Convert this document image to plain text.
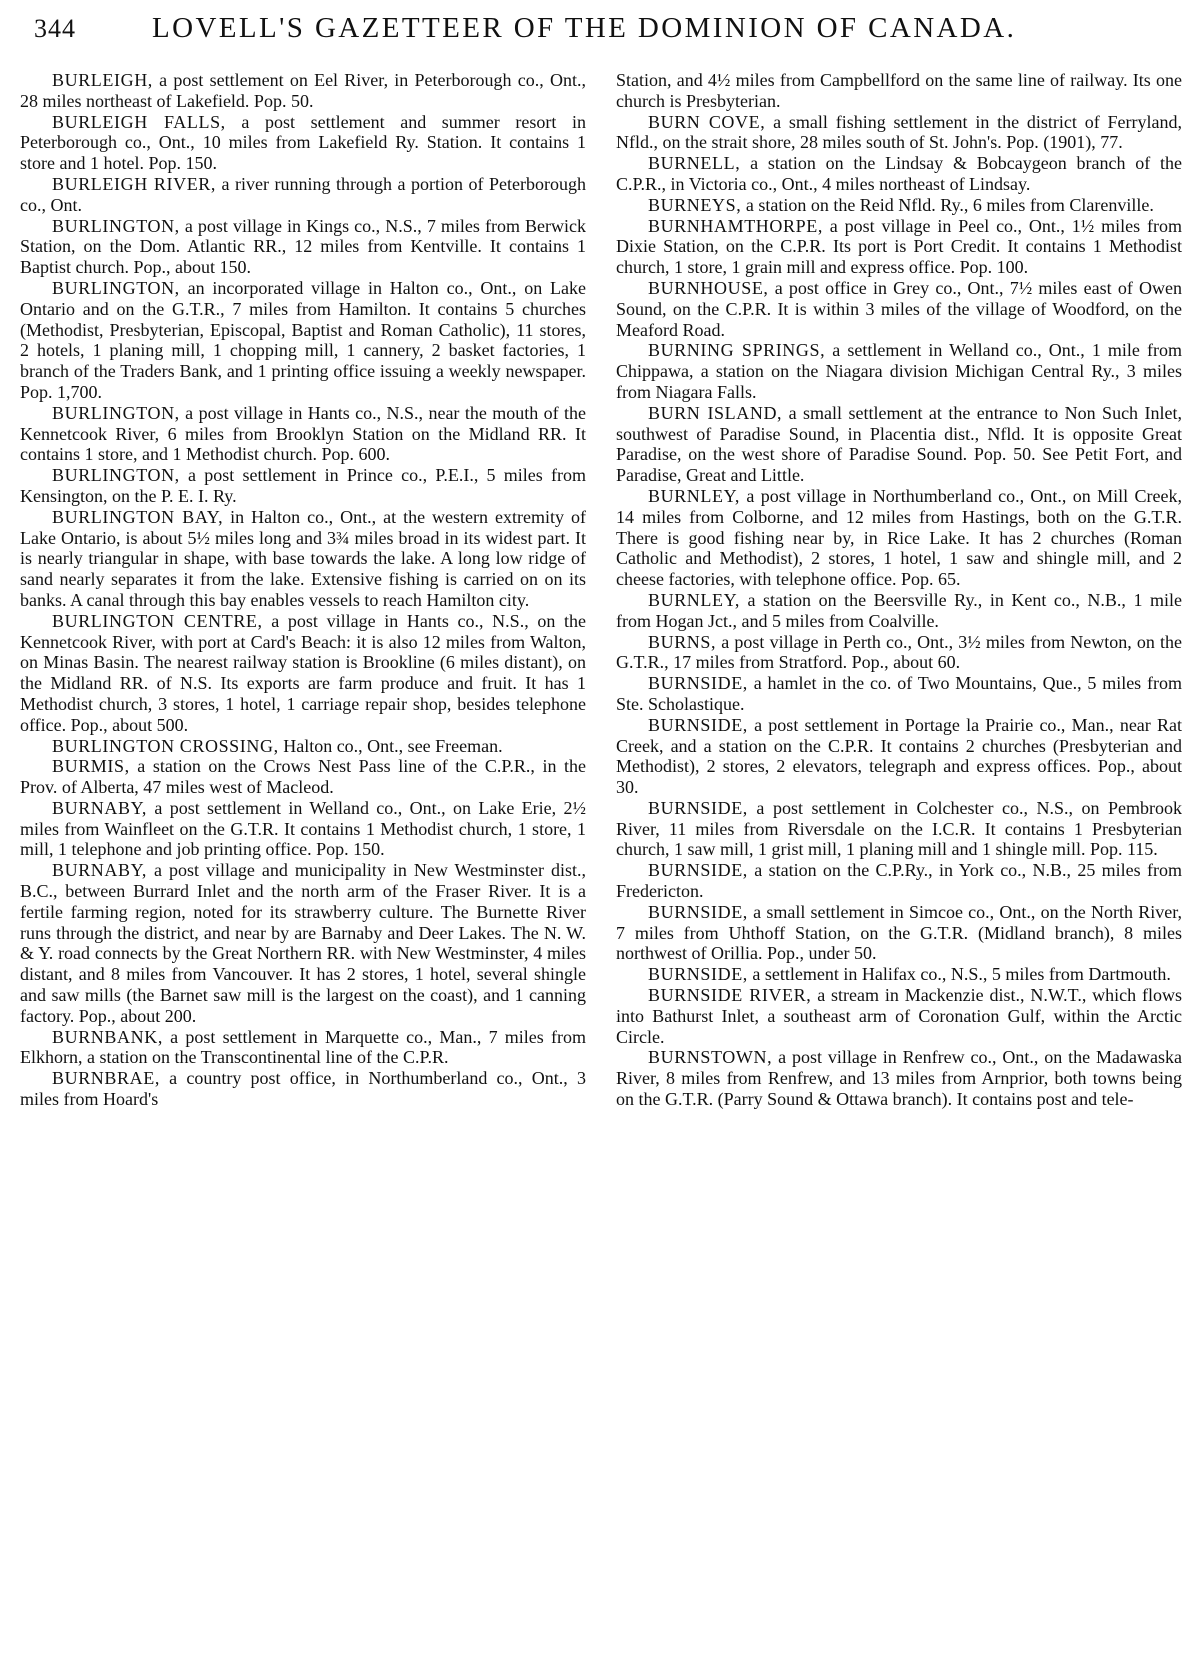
344	LOVELL'S GAZETTEER OF THE DOMINION OF CANADA.

BURLEIGH, a post settlement on Eel River, in Peterborough co., Ont., 28 miles northeast of Lakefield. Pop. 50.

BURLEIGH FALLS, a post settlement and summer resort in Peterborough co., Ont., 10 miles from Lakefield Ry. Station. It contains 1 store and 1 hotel. Pop. 150.

BURLEIGH RIVER, a river running through a portion of Peterborough co., Ont.

BURLINGTON, a post village in Kings co., N.S., 7 miles from Berwick Station, on the Dom. Atlantic RR., 12 miles from Kentville. It contains 1 Baptist church. Pop., about 150.

BURLINGTON, an incorporated village in Halton co., Ont., on Lake Ontario and on the G.T.R., 7 miles from Hamilton. It contains 5 churches (Methodist, Presbyterian, Episcopal, Baptist and Roman Catholic), 11 stores, 2 hotels, 1 planing mill, 1 chopping mill, 1 cannery, 2 basket factories, 1 branch of the Traders Bank, and 1 printing office issuing a weekly newspaper. Pop. 1,700.

BURLINGTON, a post village in Hants co., N.S., near the mouth of the Kennetcook River, 6 miles from Brooklyn Station on the Midland RR. It contains 1 store, and 1 Methodist church. Pop. 600.

BURLINGTON, a post settlement in Prince co., P.E.I., 5 miles from Kensington, on the P. E. I. Ry.

BURLINGTON BAY, in Halton co., Ont., at the western extremity of Lake Ontario, is about 5½ miles long and 3¾ miles broad in its widest part. It is nearly triangular in shape, with base towards the lake. A long low ridge of sand nearly separates it from the lake. Extensive fishing is carried on on its banks. A canal through this bay enables vessels to reach Hamilton city.

BURLINGTON CENTRE, a post village in Hants co., N.S., on the Kennetcook River, with port at Card's Beach: it is also 12 miles from Walton, on Minas Basin. The nearest railway station is Brookline (6 miles distant), on the Midland RR. of N.S. Its exports are farm produce and fruit. It has 1 Methodist church, 3 stores, 1 hotel, 1 carriage repair shop, besides telephone office. Pop., about 500.

BURLINGTON CROSSING, Halton co., Ont., see Freeman.

BURMIS, a station on the Crows Nest Pass line of the C.P.R., in the Prov. of Alberta, 47 miles west of Macleod.

BURNABY, a post settlement in Welland co., Ont., on Lake Erie, 2½ miles from Wainfleet on the G.T.R. It contains 1 Methodist church, 1 store, 1 mill, 1 telephone and job printing office. Pop. 150.

BURNABY, a post village and municipality in New Westminster dist., B.C., between Burrard Inlet and the north arm of the Fraser River. It is a fertile farming region, noted for its strawberry culture. The Burnette River runs through the district, and near by are Barnaby and Deer Lakes. The N. W. & Y. road connects by the Great Northern RR. with New Westminster, 4 miles distant, and 8 miles from Vancouver. It has 2 stores, 1 hotel, several shingle and saw mills (the Barnet saw mill is the largest on the coast), and 1 canning factory. Pop., about 200.

BURNBANK, a post settlement in Marquette co., Man., 7 miles from Elkhorn, a station on the Transcontinental line of the C.P.R.

BURNBRAE, a country post office, in Northumberland co., Ont., 3 miles from Hoard's

Station, and 4½ miles from Campbellford on the same line of railway. Its one church is Presbyterian.

BURN COVE, a small fishing settlement in the district of Ferryland, Nfld., on the strait shore, 28 miles south of St. John's. Pop. (1901), 77.

BURNELL, a station on the Lindsay & Bobcaygeon branch of the C.P.R., in Victoria co., Ont., 4 miles northeast of Lindsay.

BURNEYS, a station on the Reid Nfld. Ry., 6 miles from Clarenville.

BURNHAMTHORPE, a post village in Peel co., Ont., 1½ miles from Dixie Station, on the C.P.R. Its port is Port Credit. It contains 1 Methodist church, 1 store, 1 grain mill and express office. Pop. 100.

BURNHOUSE, a post office in Grey co., Ont., 7½ miles east of Owen Sound, on the C.P.R. It is within 3 miles of the village of Woodford, on the Meaford Road.

BURNING SPRINGS, a settlement in Welland co., Ont., 1 mile from Chippawa, a station on the Niagara division Michigan Central Ry., 3 miles from Niagara Falls.

BURN ISLAND, a small settlement at the entrance to Non Such Inlet, southwest of Paradise Sound, in Placentia dist., Nfld. It is opposite Great Paradise, on the west shore of Paradise Sound. Pop. 50. See Petit Fort, and Paradise, Great and Little.

BURNLEY, a post village in Northumberland co., Ont., on Mill Creek, 14 miles from Colborne, and 12 miles from Hastings, both on the G.T.R. There is good fishing near by, in Rice Lake. It has 2 churches (Roman Catholic and Methodist), 2 stores, 1 hotel, 1 saw and shingle mill, and 2 cheese factories, with telephone office. Pop. 65.

BURNLEY, a station on the Beersville Ry., in Kent co., N.B., 1 mile from Hogan Jct., and 5 miles from Coalville.

BURNS, a post village in Perth co., Ont., 3½ miles from Newton, on the G.T.R., 17 miles from Stratford. Pop., about 60.

BURNSIDE, a hamlet in the co. of Two Mountains, Que., 5 miles from Ste. Scholastique.

BURNSIDE, a post settlement in Portage la Prairie co., Man., near Rat Creek, and a station on the C.P.R. It contains 2 churches (Presbyterian and Methodist), 2 stores, 2 elevators, telegraph and express offices. Pop., about 30.

BURNSIDE, a post settlement in Colchester co., N.S., on Pembrook River, 11 miles from Riversdale on the I.C.R. It contains 1 Presbyterian church, 1 saw mill, 1 grist mill, 1 planing mill and 1 shingle mill. Pop. 115.

BURNSIDE, a station on the C.P.Ry., in York co., N.B., 25 miles from Fredericton.

BURNSIDE, a small settlement in Simcoe co., Ont., on the North River, 7 miles from Uhthoff Station, on the G.T.R. (Midland branch), 8 miles northwest of Orillia. Pop., under 50.

BURNSIDE, a settlement in Halifax co., N.S., 5 miles from Dartmouth.

BURNSIDE RIVER, a stream in Mackenzie dist., N.W.T., which flows into Bathurst Inlet, a southeast arm of Coronation Gulf, within the Arctic Circle.

BURNSTOWN, a post village in Renfrew co., Ont., on the Madawaska River, 8 miles from Renfrew, and 13 miles from Arnprior, both towns being on the G.T.R. (Parry Sound & Ottawa branch). It contains post and tele-
